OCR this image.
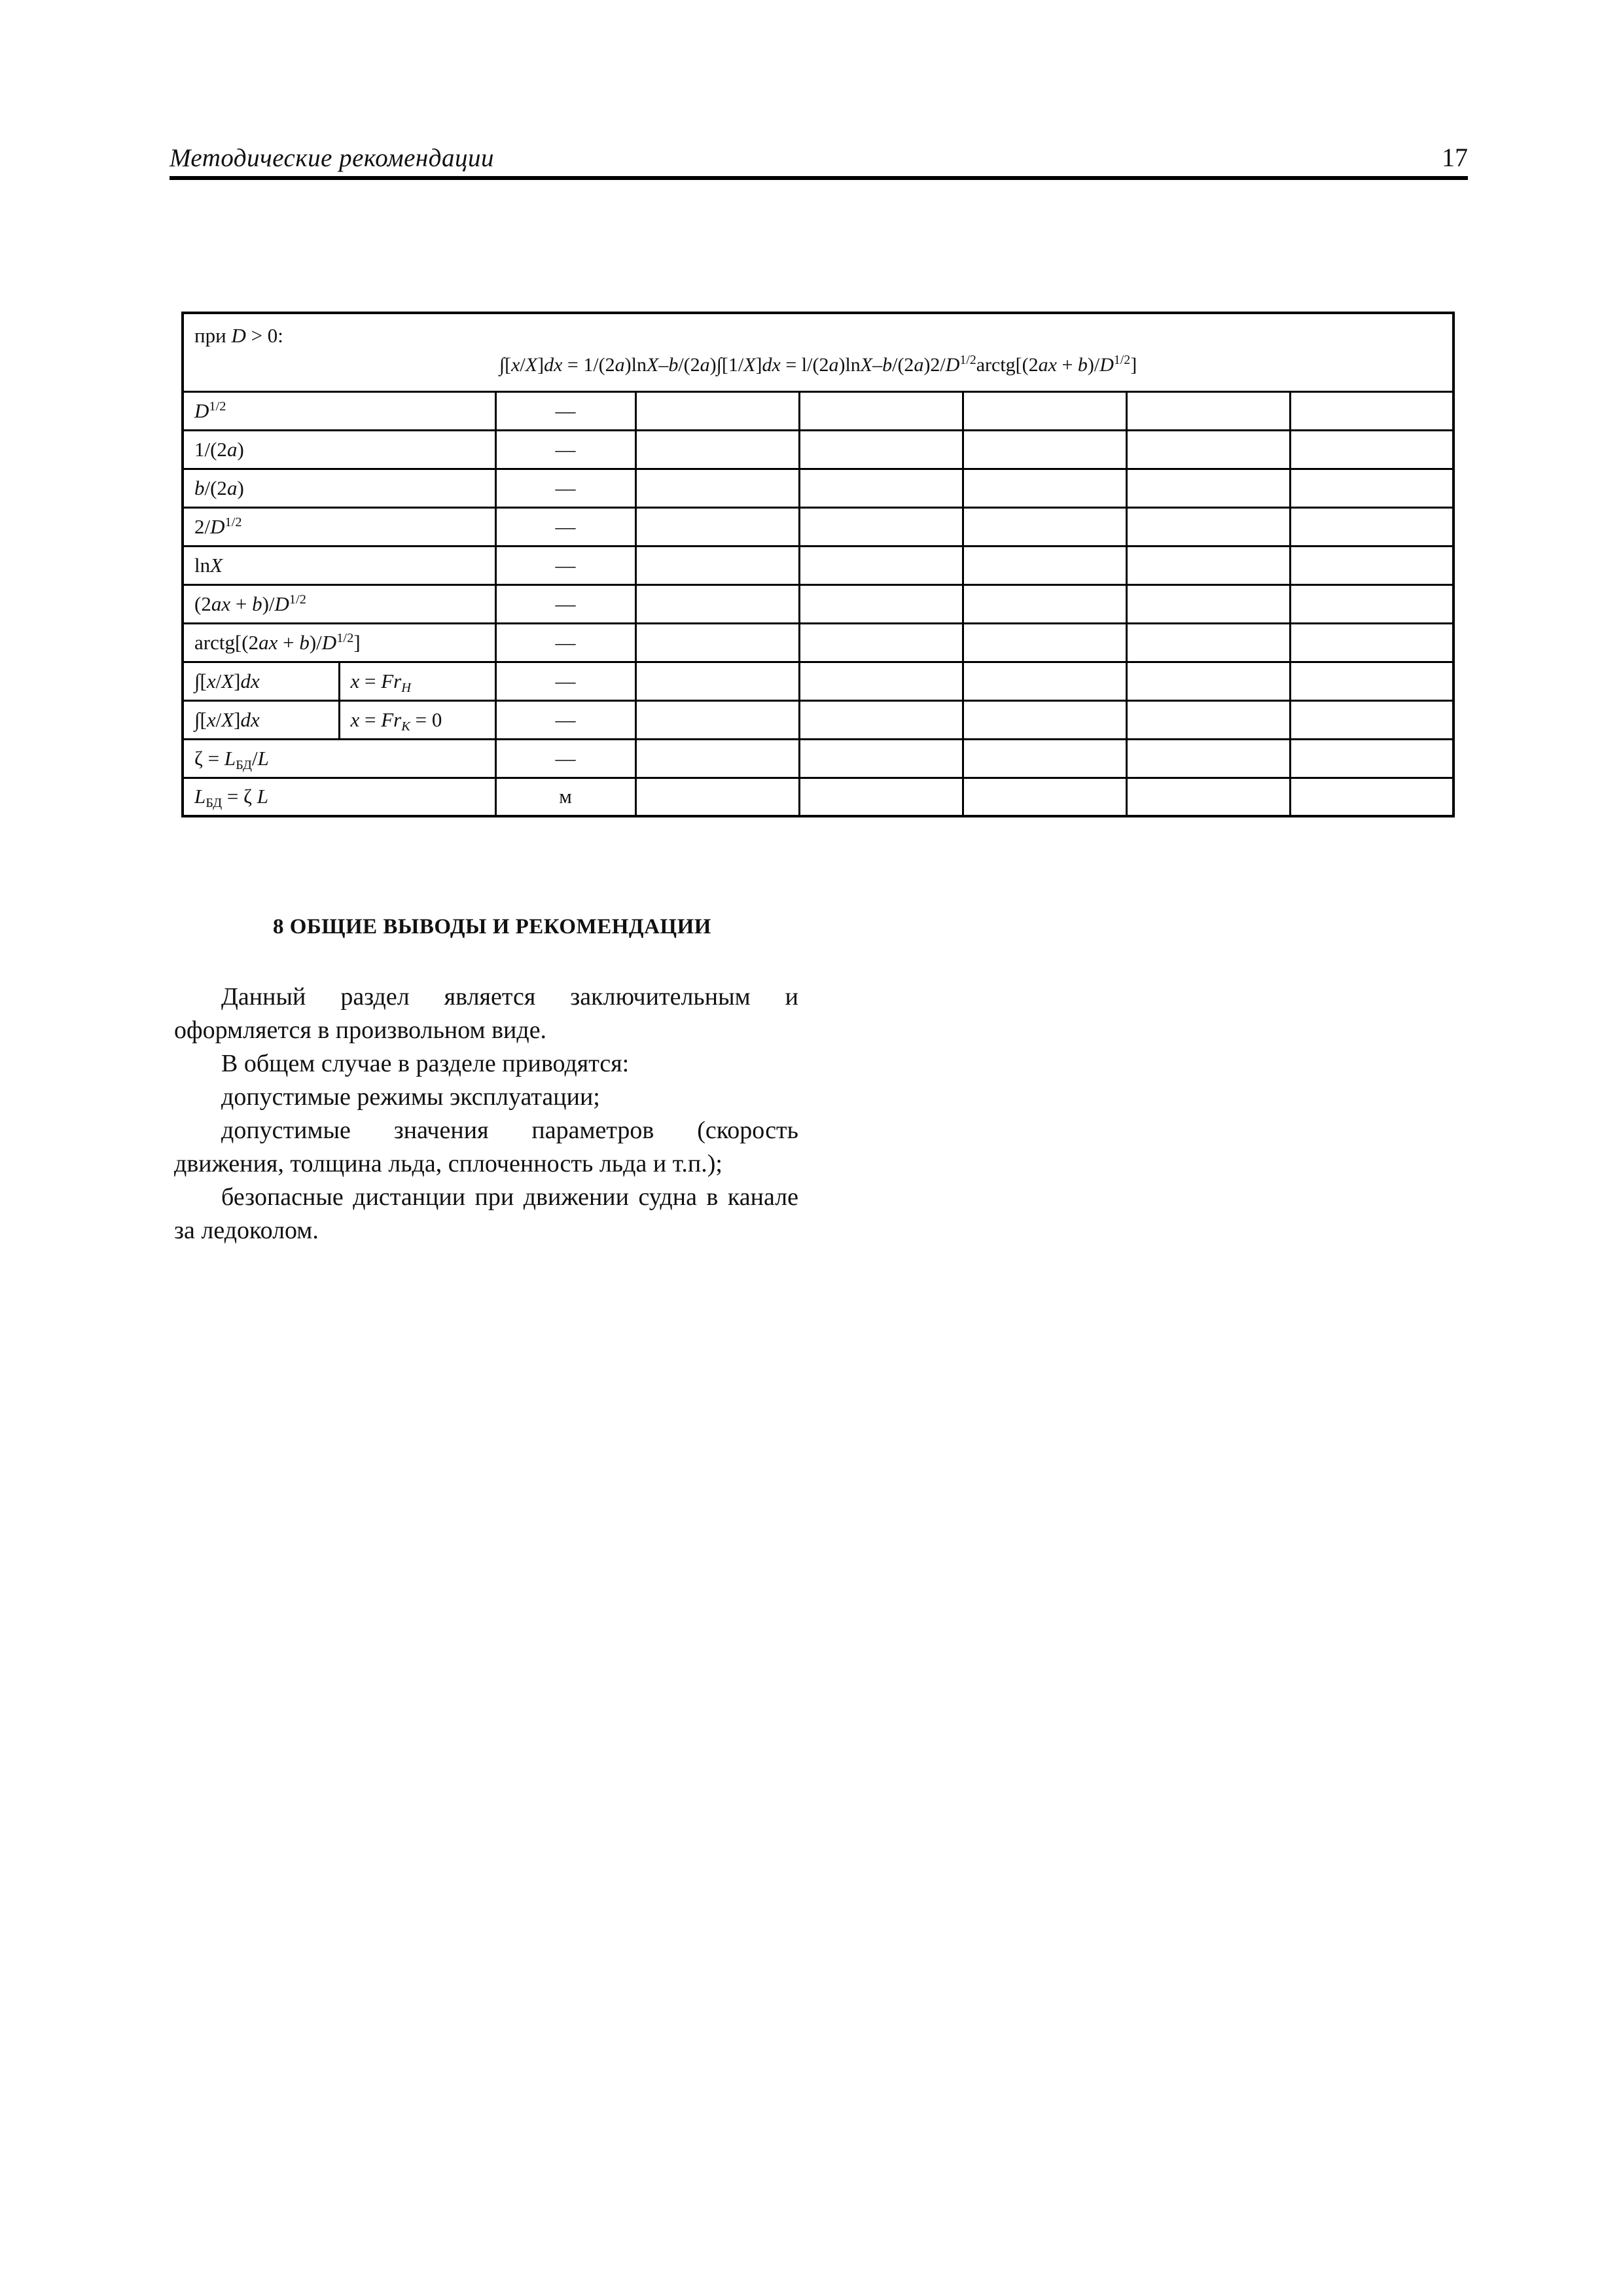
Методические рекомендации	17
при D > 0:
$\int[x/X]dx = 1/(2a)\ln X-b/(2a)\int[1/X]dx = l/(2a)\ln X-b/(2a)2/D^{1/2}arctg[(2ax + b)/D^{1/2}]$							

$D^{1/2}$		—					
1/(2a)		—					
b/(2a)		—					
$2/D^{1/2}$		—					
lnX		—					
$(2ax + b)/D^{1/2}$		—					
arctg[(2ax + $b)/D^{1/2}$]		—					
∫[x/X]dx	$x = Fr_H$	—					
∫[x/X]dx	$x = Fr_K = 0$	—					
$\zeta = L_{БД}/L$		—					
$L_{БД} = \zeta$ L		м					
8 ОБЩИЕ ВЫВОДЫ И РЕКОМЕНДАЦИИ

Данный раздел является заключительным и оформляется в произвольном виде.

В общем случае в разделе приводятся:

допустимые режимы эксплуатации;

допустимые значения параметров (скорость движения, толщина льда, сплоченность льда и т.п.);

безопасные дистанции при движении судна в канале за ледоколом.
